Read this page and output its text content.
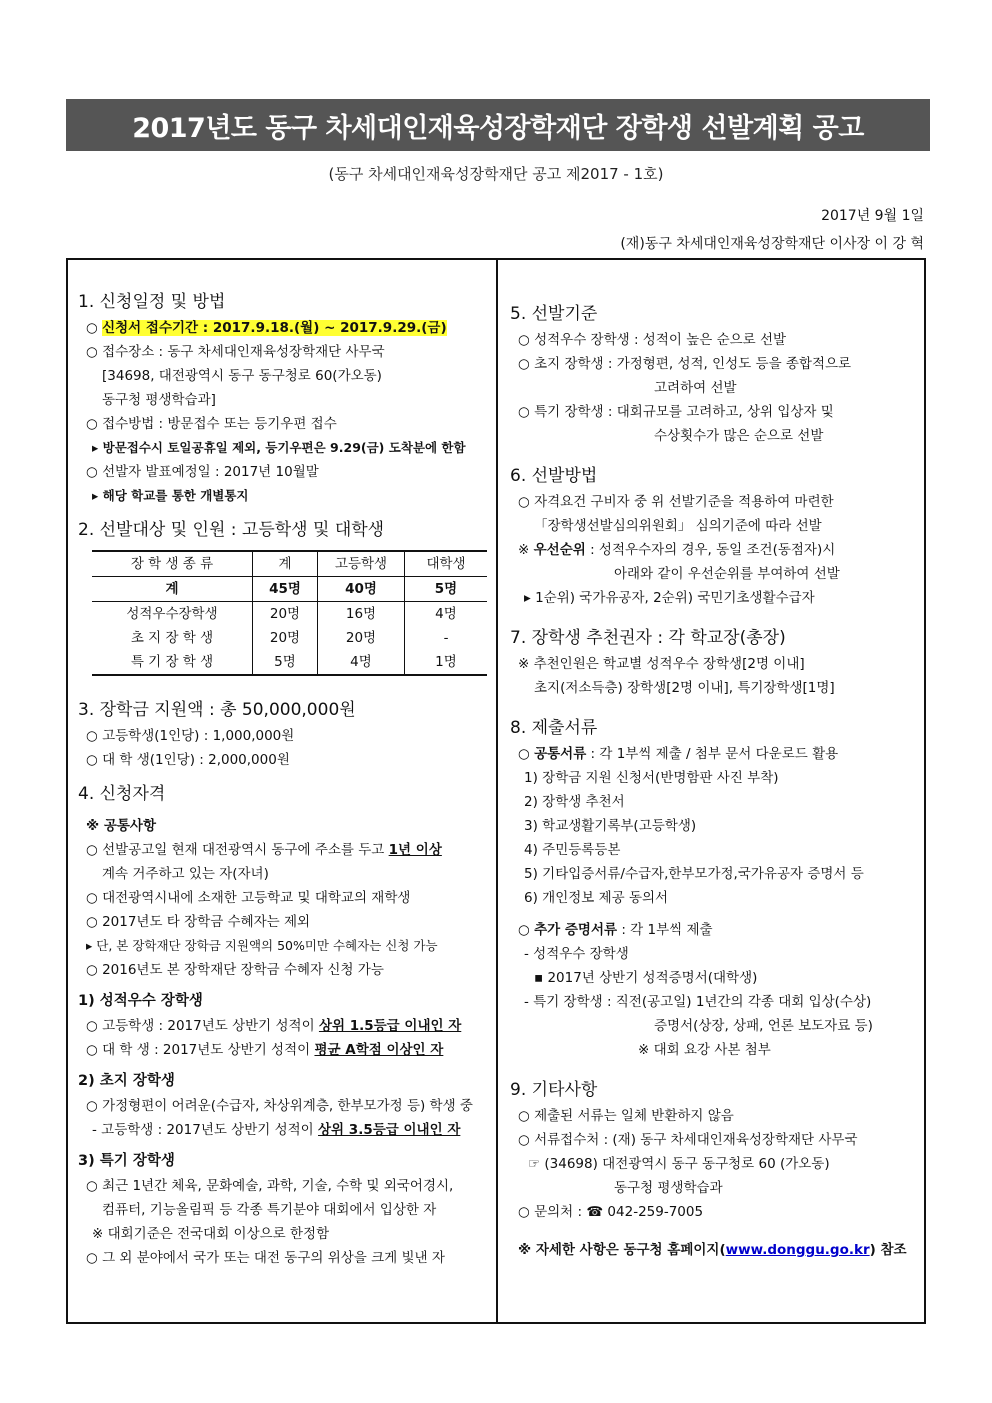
2017년도 동구 차세대인재육성장학재단 장학생 선발계획 공고
(동구 차세대인재육성장학재단 공고 제2017 - 1호)
2017년 9월 1일
(재)동구 차세대인재육성장학재단 이사장 이 강 혁
1. 신청일정 및 방법
○ 신청서 접수기간 : 2017.9.18.(월) ~ 2017.9.29.(금)
○ 접수장소 : 동구 차세대인재육성장학재단 사무국
[34698, 대전광역시 동구 동구청로 60(가오동)
동구청 평생학습과]
○ 접수방법 : 방문접수 또는 등기우편 접수
▸ 방문접수시 토일공휴일 제외, 등기우편은 9.29(금) 도착분에 한함
○ 선발자 발표예정일 : 2017년 10월말
▸ 해당 학교를 통한 개별통지
2. 선발대상 및 인원 : 고등학생 및 대학생
장 학 생 종 류	계	고등학생	대학생
계	45명	40명	5명
성적우수장학생	20명	16명	4명
초 지 장 학 생	20명	20명	-
특 기 장 학 생	5명	4명	1명
3. 장학금 지원액 : 총 50,000,000원
○ 고등학생(1인당) : 1,000,000원
○ 대 학 생(1인당) : 2,000,000원
4. 신청자격
※ 공통사항
○ 선발공고일 현재 대전광역시 동구에 주소를 두고 1년 이상
계속 거주하고 있는 자(자녀)
○ 대전광역시내에 소재한 고등학교 및 대학교의 재학생
○ 2017년도 타 장학금 수혜자는 제외
▸ 단, 본 장학재단 장학금 지원액의 50%미만 수혜자는 신청 가능
○ 2016년도 본 장학재단 장학금 수혜자 신청 가능
1) 성적우수 장학생
○ 고등학생 : 2017년도 상반기 성적이 상위 1.5등급 이내인 자
○ 대 학 생 : 2017년도 상반기 성적이 평균 A학점 이상인 자
2) 초지 장학생
○ 가정형편이 어려운(수급자, 차상위계층, 한부모가정 등) 학생 중
- 고등학생 : 2017년도 상반기 성적이 상위 3.5등급 이내인 자
3) 특기 장학생
○ 최근 1년간 체육, 문화예술, 과학, 기술, 수학 및 외국어경시,
컴퓨터, 기능올림픽 등 각종 특기분야 대회에서 입상한 자
※ 대회기준은 전국대회 이상으로 한정함
○ 그 외 분야에서 국가 또는 대전 동구의 위상을 크게 빛낸 자
5. 선발기준
○ 성적우수 장학생 : 성적이 높은 순으로 선발
○ 초지 장학생 : 가정형편, 성적, 인성도 등을 종합적으로
고려하여 선발
○ 특기 장학생 : 대회규모를 고려하고, 상위 입상자 및
수상횟수가 많은 순으로 선발
6. 선발방법
○ 자격요건 구비자 중 위 선발기준을 적용하여 마련한
「장학생선발심의위원회」 심의기준에 따라 선발
※ 우선순위 : 성적우수자의 경우, 동일 조건(동점자)시
아래와 같이 우선순위를 부여하여 선발
▸ 1순위) 국가유공자, 2순위) 국민기초생활수급자
7. 장학생 추천권자 : 각 학교장(총장)
※ 추천인원은 학교별 성적우수 장학생[2명 이내]
초지(저소득층) 장학생[2명 이내], 특기장학생[1명]
8. 제출서류
○ 공통서류 : 각 1부씩 제출 / 첨부 문서 다운로드 활용
1) 장학금 지원 신청서(반명함판 사진 부착)
2) 장학생 추천서
3) 학교생활기록부(고등학생)
4) 주민등록등본
5) 기타입증서류/수급자,한부모가정,국가유공자 증명서 등
6) 개인정보 제공 동의서
○ 추가 증명서류 : 각 1부씩 제출
- 성적우수 장학생
▪ 2017년 상반기 성적증명서(대학생)
- 특기 장학생 : 직전(공고일) 1년간의 각종 대회 입상(수상)
증명서(상장, 상패, 언론 보도자료 등)
※ 대회 요강 사본 첨부
9. 기타사항
○ 제출된 서류는 일체 반환하지 않음
○ 서류접수처 : (재) 동구 차세대인재육성장학재단 사무국
☞ (34698) 대전광역시 동구 동구청로 60 (가오동)
동구청 평생학습과
○ 문의처 : ☎ 042-259-7005
※ 자세한 사항은 동구청 홈페이지(www.donggu.go.kr) 참조
